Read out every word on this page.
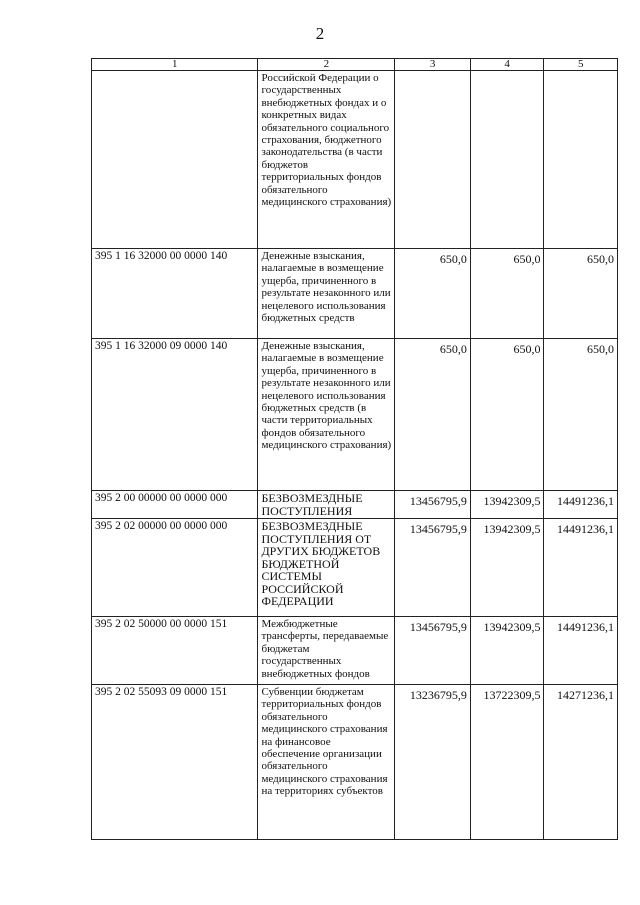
2
1	2	3	4	5
	Российской Федерации о государственных внебюджетных фондах и о конкретных видах обязательного социального страхования, бюджетного законодательства (в части бюджетов территориальных фондов обязательного медицинского страхования)			
395 1 16 32000 00 0000 140	Денежные взыскания, налагаемые в возмещение ущерба, причиненного в результате незаконного или нецелевого использования бюджетных средств	650,0	650,0	650,0
395 1 16 32000 09 0000 140	Денежные взыскания, налагаемые в возмещение ущерба, причиненного в результате незаконного или нецелевого использования бюджетных средств (в части территориальных фондов обязательного медицинского страхования)	650,0	650,0	650,0
395 2 00 00000 00 0000 000	БЕЗВОЗМЕЗДНЫЕ ПОСТУПЛЕНИЯ	13456795,9	13942309,5	14491236,1
395 2 02 00000 00 0000 000	БЕЗВОЗМЕЗДНЫЕ ПОСТУПЛЕНИЯ ОТ ДРУГИХ БЮДЖЕТОВ БЮДЖЕТНОЙ СИСТЕМЫ РОССИЙСКОЙ ФЕДЕРАЦИИ	13456795,9	13942309,5	14491236,1
395 2 02 50000 00 0000 151	Межбюджетные трансферты, передаваемые бюджетам государственных внебюджетных фондов	13456795,9	13942309,5	14491236,1
395 2 02 55093 09 0000 151	Субвенции бюджетам территориальных фондов обязательного медицинского страхования на финансовое обеспечение организации обязательного медицинского страхования на территориях субъектов	13236795,9	13722309,5	14271236,1
